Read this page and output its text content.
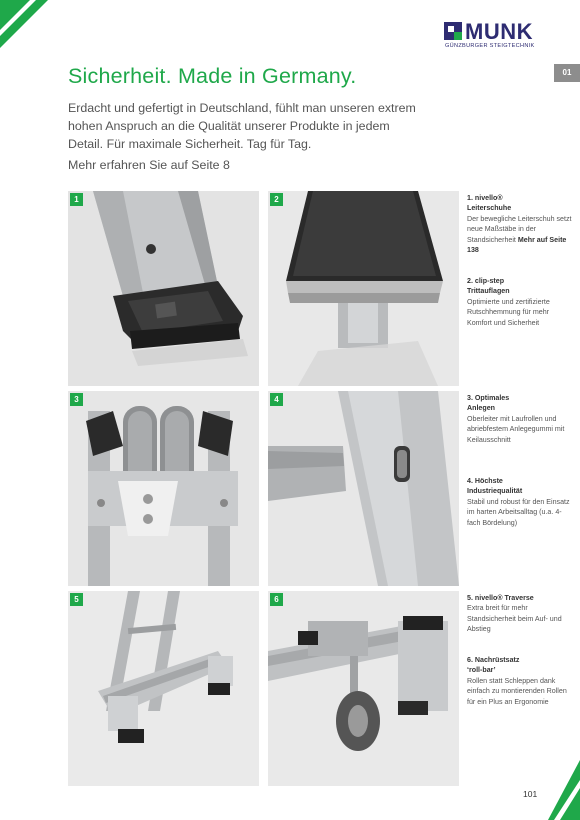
MUNK
GÜNZBURGER STEIGTECHNIK
01
Sicherheit. Made in Germany.
Erdacht und gefertigt in Deutschland, fühlt man unseren extrem hohen Anspruch an die Qualität unserer Produkte in jedem Detail. Für maximale Sicherheit. Tag für Tag.
Mehr erfahren Sie auf Seite 8
1	2
3	4
5	6
1. nivello®
Leiterschuhe
Der bewegliche Leiterschuh setzt neue Maßstäbe in der Standsicherheit Mehr auf Seite 138
2. clip-step
Trittauflagen
Optimierte und zertifizierte Rutschhemmung für mehr Komfort und Sicherheit
3. Optimales
Anlegen
Oberleiter mit Laufrollen und abriebfestem Anlegegummi mit Keilausschnitt
4. Höchste
Industriequalität
Stabil und robust für den Einsatz im harten Arbeitsalltag (u.a. 4-fach Bördelung)
5. nivello® Traverse
Extra breit für mehr Standsicherheit beim Auf- und Abstieg
6. Nachrüstsatz
‘roll-bar’
Rollen statt Schleppen dank einfach zu montierenden Rollen für ein Plus an Ergonomie
101
